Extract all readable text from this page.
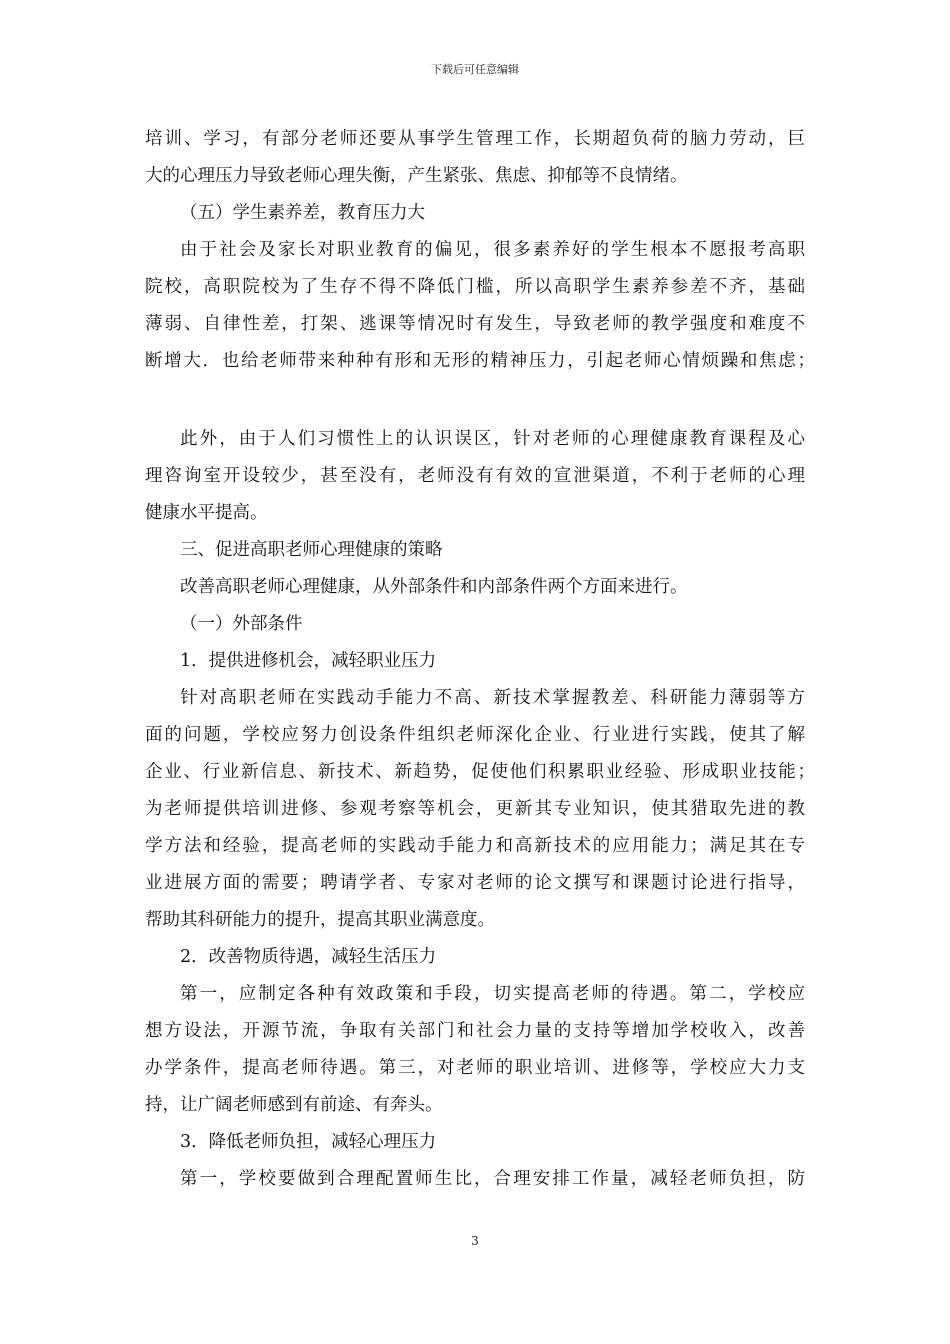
下载后可任意编辑
培训、学习，有部分老师还要从事学生管理工作，长期超负荷的脑力劳动，巨
大的心理压力导致老师心理失衡，产生紧张、焦虑、抑郁等不良情绪。
（五）学生素养差，教育压力大
由于社会及家长对职业教育的偏见，很多素养好的学生根本不愿报考高职
院校，高职院校为了生存不得不降低门槛，所以高职学生素养参差不齐，基础
薄弱、自律性差，打架、逃课等情况时有发生，导致老师的教学强度和难度不
断增大．也给老师带来种种有形和无形的精神压力，引起老师心情烦躁和焦虑；
此外，由于人们习惯性上的认识误区，针对老师的心理健康教育课程及心
理咨询室开设较少，甚至没有，老师没有有效的宣泄渠道，不利于老师的心理
健康水平提高。
三、促进高职老师心理健康的策略
改善高职老师心理健康，从外部条件和内部条件两个方面来进行。
（一）外部条件
1．提供进修机会，减轻职业压力
针对高职老师在实践动手能力不高、新技术掌握教差、科研能力薄弱等方
面的问题，学校应努力创设条件组织老师深化企业、行业进行实践，使其了解
企业、行业新信息、新技术、新趋势，促使他们积累职业经验、形成职业技能；
为老师提供培训进修、参观考察等机会，更新其专业知识，使其猎取先进的教
学方法和经验，提高老师的实践动手能力和高新技术的应用能力；满足其在专
业进展方面的需要；聘请学者、专家对老师的论文撰写和课题讨论进行指导，
帮助其科研能力的提升，提高其职业满意度。
2．改善物质待遇，减轻生活压力
第一，应制定各种有效政策和手段，切实提高老师的待遇。第二，学校应
想方设法，开源节流，争取有关部门和社会力量的支持等增加学校收入，改善
办学条件，提高老师待遇。第三，对老师的职业培训、进修等，学校应大力支
持，让广阔老师感到有前途、有奔头。
3．降低老师负担，减轻心理压力
第一，学校要做到合理配置师生比，合理安排工作量，减轻老师负担，防
3
